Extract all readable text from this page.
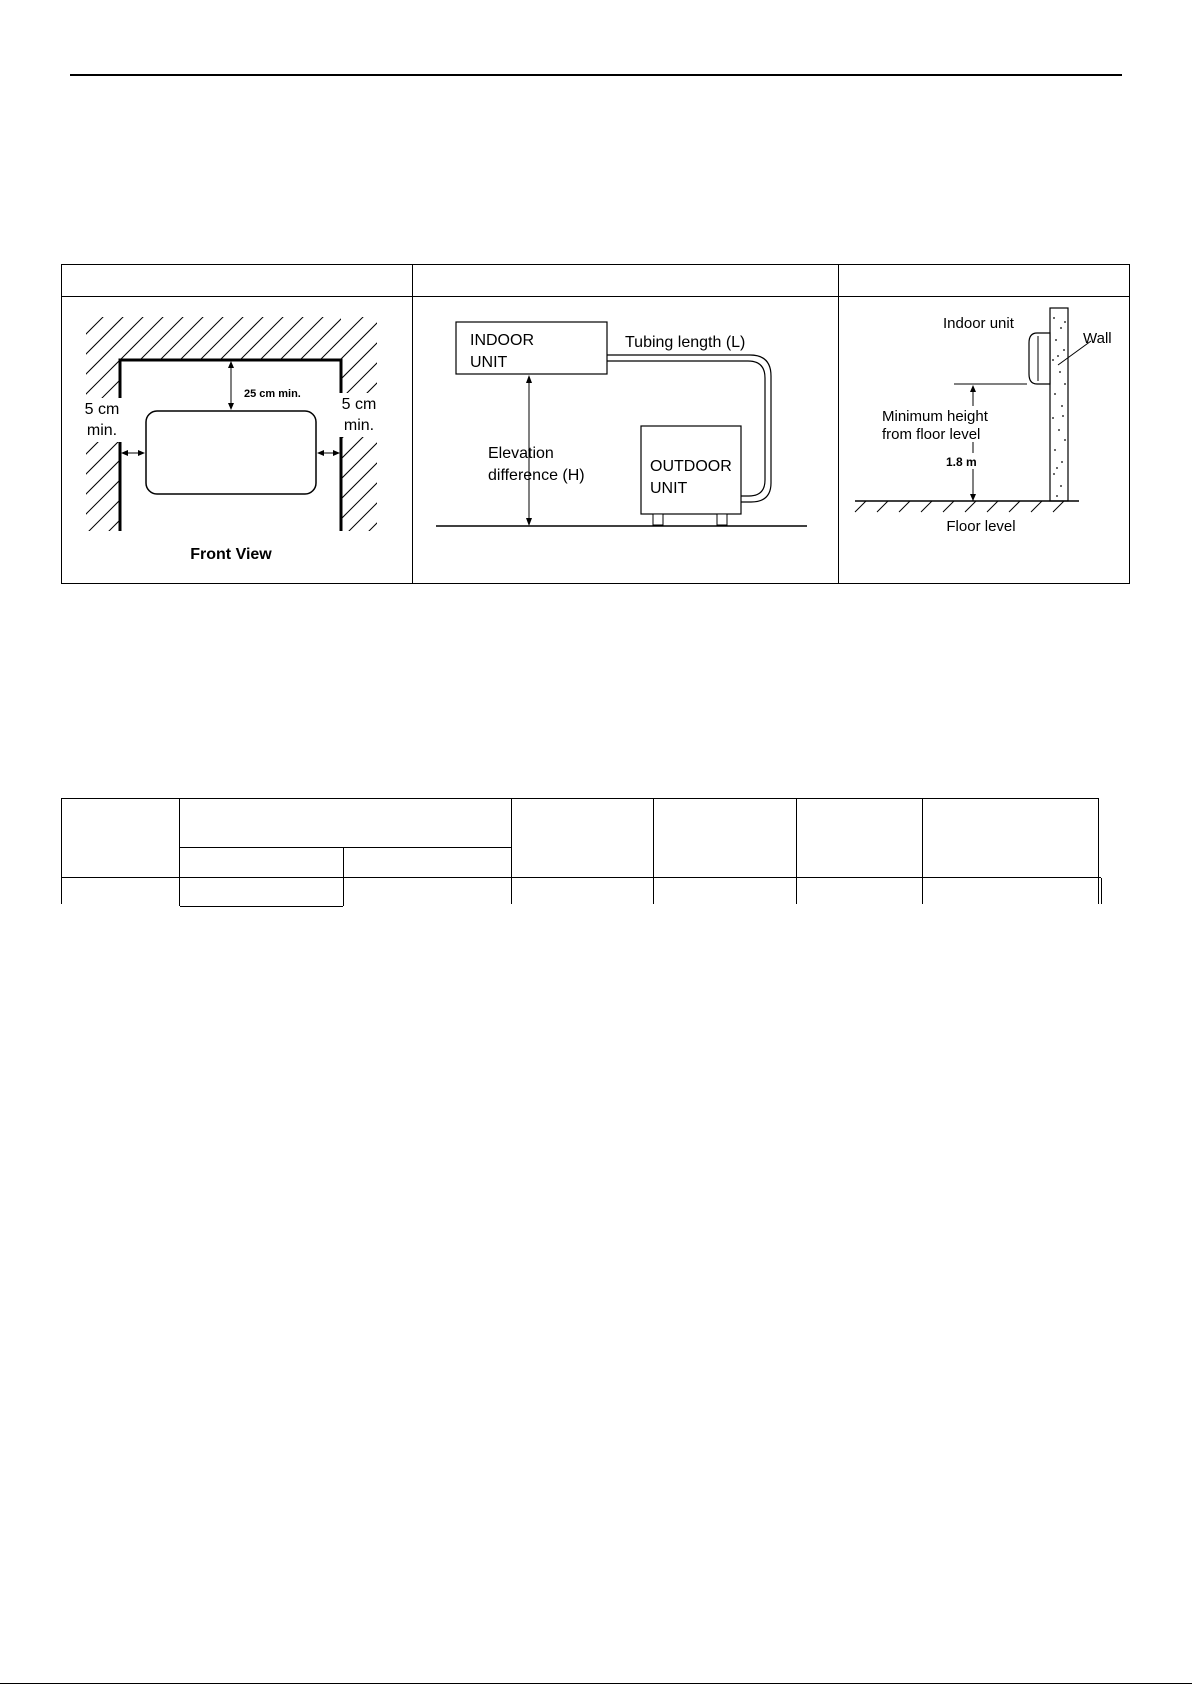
25 cm min.
5 cm
min.
5 cm
min.
Front View
INDOOR
UNIT
Tubing length (L)
OUTDOOR
UNIT
Elevation
difference (H)
Indoor unit
Wall
Minimum height
from floor level
1.8 m
Floor level
